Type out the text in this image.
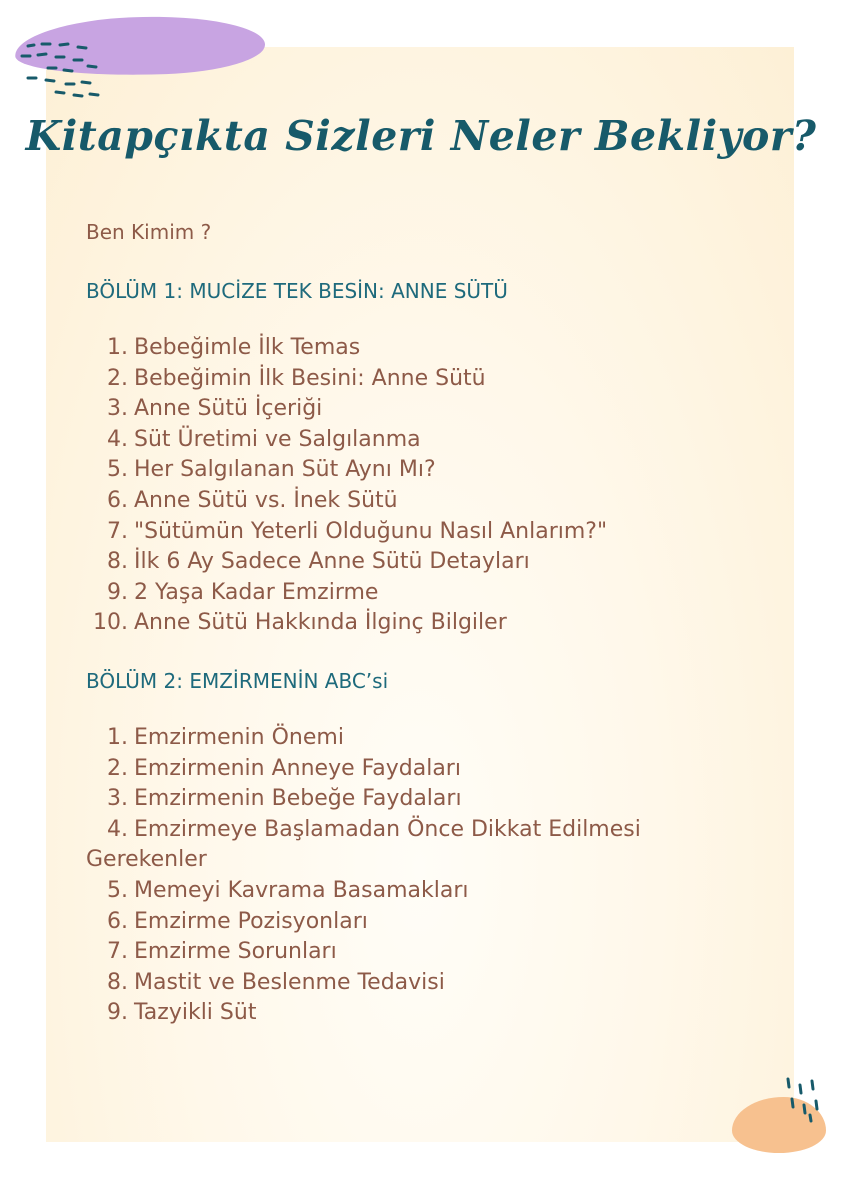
Kitapçıkta Sizleri Neler Bekliyor?
Ben Kimim ?
BÖLÜM 1: MUCİZE TEK BESİN: ANNE SÜTÜ
1. Bebeğimle İlk Temas
2. Bebeğimin İlk Besini: Anne Sütü
3. Anne Sütü İçeriği
4. Süt Üretimi ve Salgılanma
5. Her Salgılanan Süt Aynı Mı?
6. Anne Sütü vs. İnek Sütü
7. "Sütümün Yeterli Olduğunu Nasıl Anlarım?"
8. İlk 6 Ay Sadece Anne Sütü Detayları
9. 2 Yaşa Kadar Emzirme
10. Anne Sütü Hakkında İlginç Bilgiler
BÖLÜM 2: EMZİRMENİN ABC’si
1. Emzirmenin Önemi
2. Emzirmenin Anneye Faydaları
3. Emzirmenin Bebeğe Faydaları
4. Emzirmeye Başlamadan Önce Dikkat Edilmesi
Gerekenler
5. Memeyi Kavrama Basamakları
6. Emzirme Pozisyonları
7. Emzirme Sorunları
8. Mastit ve Beslenme Tedavisi
9. Tazyikli Süt
